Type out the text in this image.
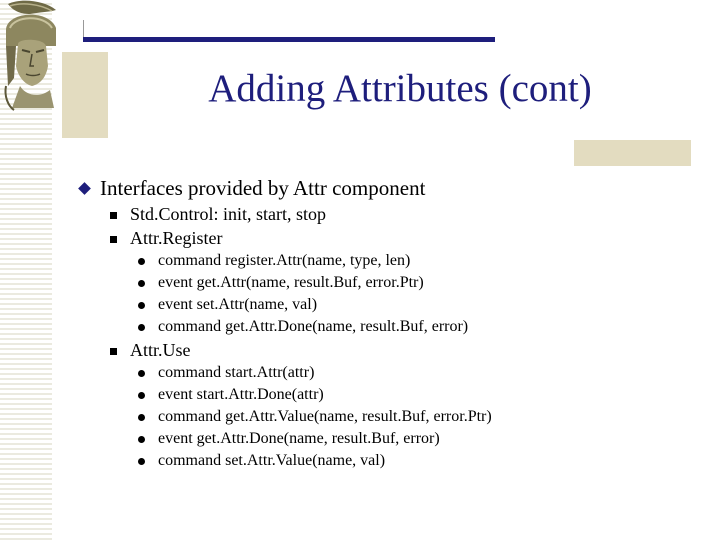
Adding Attributes (cont)
Interfaces provided by Attr component
Std.Control: init, start, stop
Attr.Register
command register.Attr(name, type, len)
event get.Attr(name, result.Buf, error.Ptr)
event set.Attr(name, val)
command get.Attr.Done(name, result.Buf, error)
Attr.Use
command start.Attr(attr)
event start.Attr.Done(attr)
command get.Attr.Value(name, result.Buf, error.Ptr)
event get.Attr.Done(name, result.Buf, error)
command set.Attr.Value(name, val)
